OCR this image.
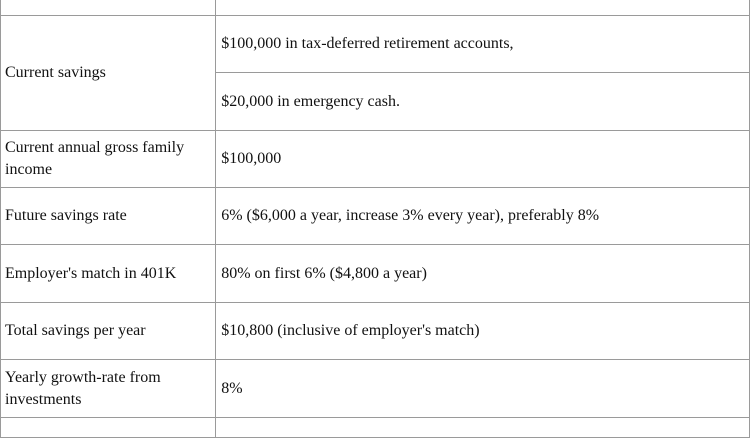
Current savings	$100,000 in tax-deferred retirement accounts,
	$20,000 in emergency cash.
Current annual gross family income	$100,000
Future savings rate	6% ($6,000 a year, increase 3% every year), preferably 8%
Employer's match in 401K	80% on first 6% ($4,800 a year)
Total savings per year	$10,800 (inclusive of employer's match)
Yearly growth-rate from investments	8%
